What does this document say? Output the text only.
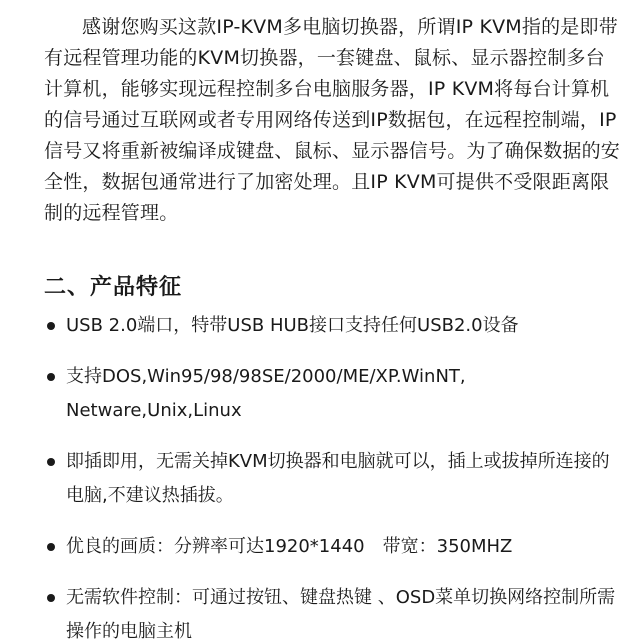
感谢您购买这款IP-KVM多电脑切换器，所谓IP KVM指的是即带有远程管理功能的KVM切换器，一套键盘、鼠标、显示器控制多台计算机，能够实现远程控制多台电脑服务器，IP KVM将每台计算机的信号通过互联网或者专用网络传送到IP数据包，在远程控制端，IP信号又将重新被编译成键盘、鼠标、显示器信号。为了确保数据的安全性，数据包通常进行了加密处理。且IP KVM可提供不受限距离限制的远程管理。

二、产品特征
USB 2.0端口，特带USB HUB接口支持任何USB2.0设备
支持DOS,Win95/98/98SE/2000/ME/XP.WinNT, Netware,Unix,Linux
即插即用，无需关掉KVM切换器和电脑就可以，插上或拔掉所连接的电脑,不建议热插拔。
优良的画质：分辨率可达1920*1440　带宽：350MHZ
无需软件控制：可通过按钮、键盘热键 、OSD菜单切换网络控制所需操作的电脑主机
